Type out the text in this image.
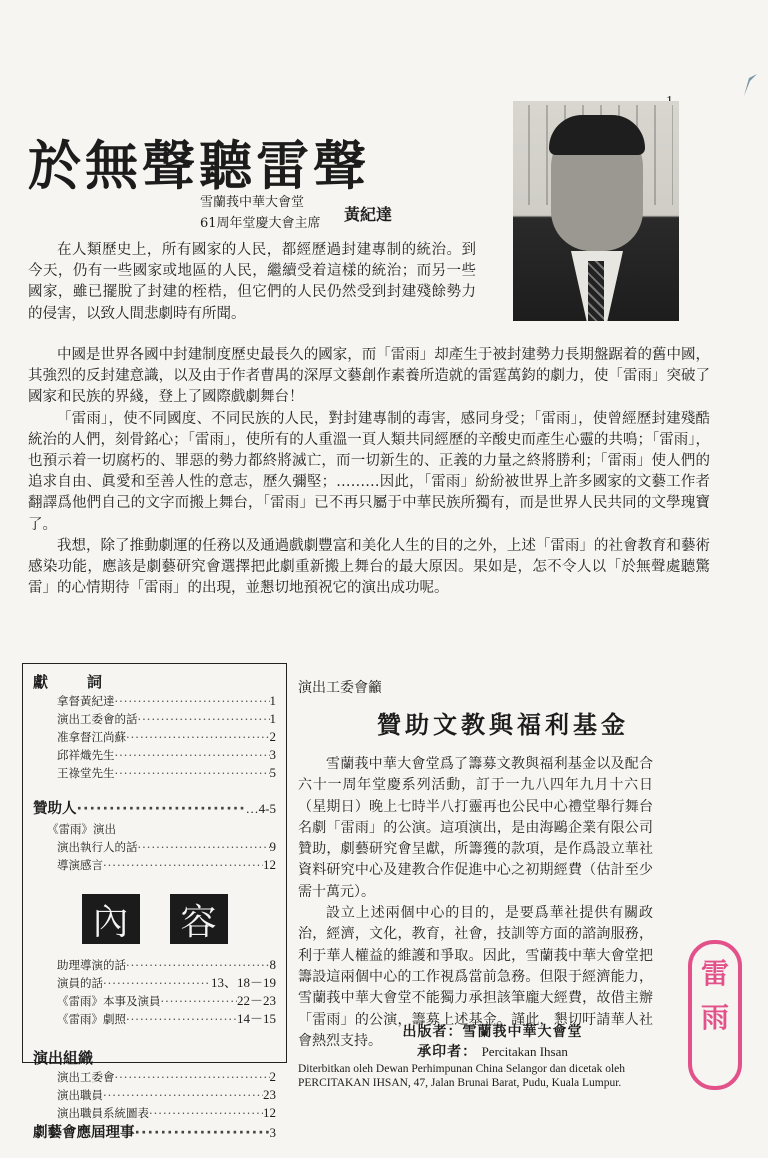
於無聲聽雷聲
雪蘭莪中華大會堂
61周年堂慶大會主席 黃紀達

在人類歷史上，所有國家的人民，都經歷過封建專制的統治。到今天，仍有一些國家或地區的人民，繼續受着這樣的統治；而另一些國家，雖已擺脫了封建的桎梏，但它們的人民仍然受到封建殘餘勢力的侵害，以致人間悲劇時有所聞。

中國是世界各國中封建制度歷史最長久的國家，而「雷雨」却產生于被封建勢力長期盤踞着的舊中國，其強烈的反封建意識，以及由于作者曹禺的深厚文藝創作素養所造就的雷霆萬鈞的劇力，使「雷雨」突破了國家和民族的界綫，登上了國際戲劇舞台！

「雷雨」，使不同國度、不同民族的人民，對封建專制的毒害，感同身受；「雷雨」，使曾經歷封建殘酷統治的人們，刻骨銘心；「雷雨」，使所有的人重溫一頁人類共同經歷的辛酸史而產生心靈的共鳴；「雷雨」，也預示着一切腐朽的、罪惡的勢力都終將滅亡，而一切新生的、正義的力量之終將勝利；「雷雨」使人們的追求自由、眞愛和至善人性的意志，歷久彌堅；………因此，「雷雨」紛紛被世界上許多國家的文藝工作者翻譯爲他們自己的文字而搬上舞台，「雷雨」已不再只屬于中華民族所獨有，而是世界人民共同的文學瑰寶了。

我想，除了推動劇運的任務以及通過戲劇豐富和美化人生的目的之外，上述「雷雨」的社會教育和藝術感染功能，應該是劇藝研究會選擇把此劇重新搬上舞台的最大原因。果如是，怎不令人以「於無聲處聽驚雷」的心情期待「雷雨」的出現，並懇切地預祝它的演出成功呢。

獻　詞
拿督黃紀達 ·····	1
演出工委會的話 ·····	1
准拿督江尚蘇 ·····	2
邱祥熾先生 ·····	3
王祿堂先生 ·····	5
贊助人 ·····	…4-5
《雷雨》演出
演出執行人的話 ·····	9
導演感言 ·····	12
內	容
助理導演的話 ·····	8
演員的話 ·····	13、18－19
《雷雨》本事及演員 ·····	22－23
《雷雨》劇照 ·····	14－15
演出組織
演出工委會 ·····	2
演出職員 ·····	23
演出職員系統圖表 ·····	12
劇藝會應屆理事 ·····	3
演出工委會籲
贊助文教與福利基金

雪蘭莪中華大會堂爲了籌募文教與福利基金以及配合六十一周年堂慶系列活動，訂于一九八四年九月十六日（星期日）晚上七時半八打靈再也公民中心禮堂舉行舞台名劇「雷雨」的公演。這項演出，是由海鷗企業有限公司贊助，劇藝研究會呈獻，所籌獲的款項，是作爲設立華社資料研究中心及建教合作促進中心之初期經費（估計至少需十萬元）。

設立上述兩個中心的目的，是要爲華社提供有關政治，經濟，文化，教育，社會，技訓等方面的諮詢服務，利于華人權益的維護和爭取。因此，雪蘭莪中華大會堂把籌設這兩個中心的工作視爲當前急務。但限于經濟能力，雪蘭莪中華大會堂不能獨力承担該筆龐大經費，故借主辦「雷雨」的公演，籌募上述基金。謹此，懇切吁請華人社會熱烈支持。

出版者：雪蘭莪中華大會堂
承印者： Percitakan Ihsan
Diterbitkan oleh Dewan Perhimpunan China Selangor dan dicetak oleh
PERCITAKAN IHSAN, 47, Jalan Brunai Barat, Pudu, Kuala Lumpur.
雷雨
